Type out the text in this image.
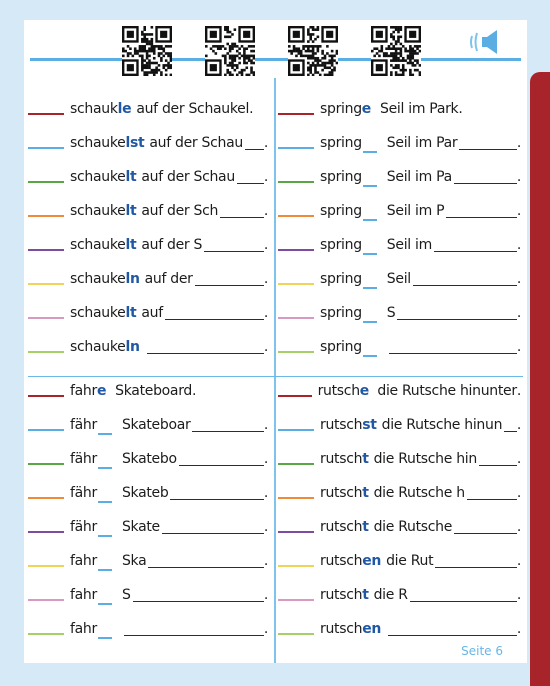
schaukle auf der Schaukel.
schaukelst auf der Schau .
schaukelt auf der Schau .
schaukelt auf der Sch	.
schaukelt auf der S	.
schaukeln auf der	.
schaukelt auf	.
schaukeln	.
springe Seil im Park.
spring	Seil im Par	.
spring	Seil im Pa	.
spring	Seil im P	.
spring	Seil im	.
spring	Seil	.
spring	S	.
spring	.
fahre Skateboard.
fähr	Skateboar	.
fähr	Skatebo	.
fähr	Skateb	.
fähr	Skate	.
fahr	Ska	.
fahr	S	.
fahr	.
rutsche die Rutsche hinunter .
rutschst die Rutsche hinun .
rutscht die Rutsche hin	.
rutscht die Rutsche h	.
rutscht die Rutsche	.
rutschen die Rut	.
rutscht die R	.
rutschen	.
Seite 6
